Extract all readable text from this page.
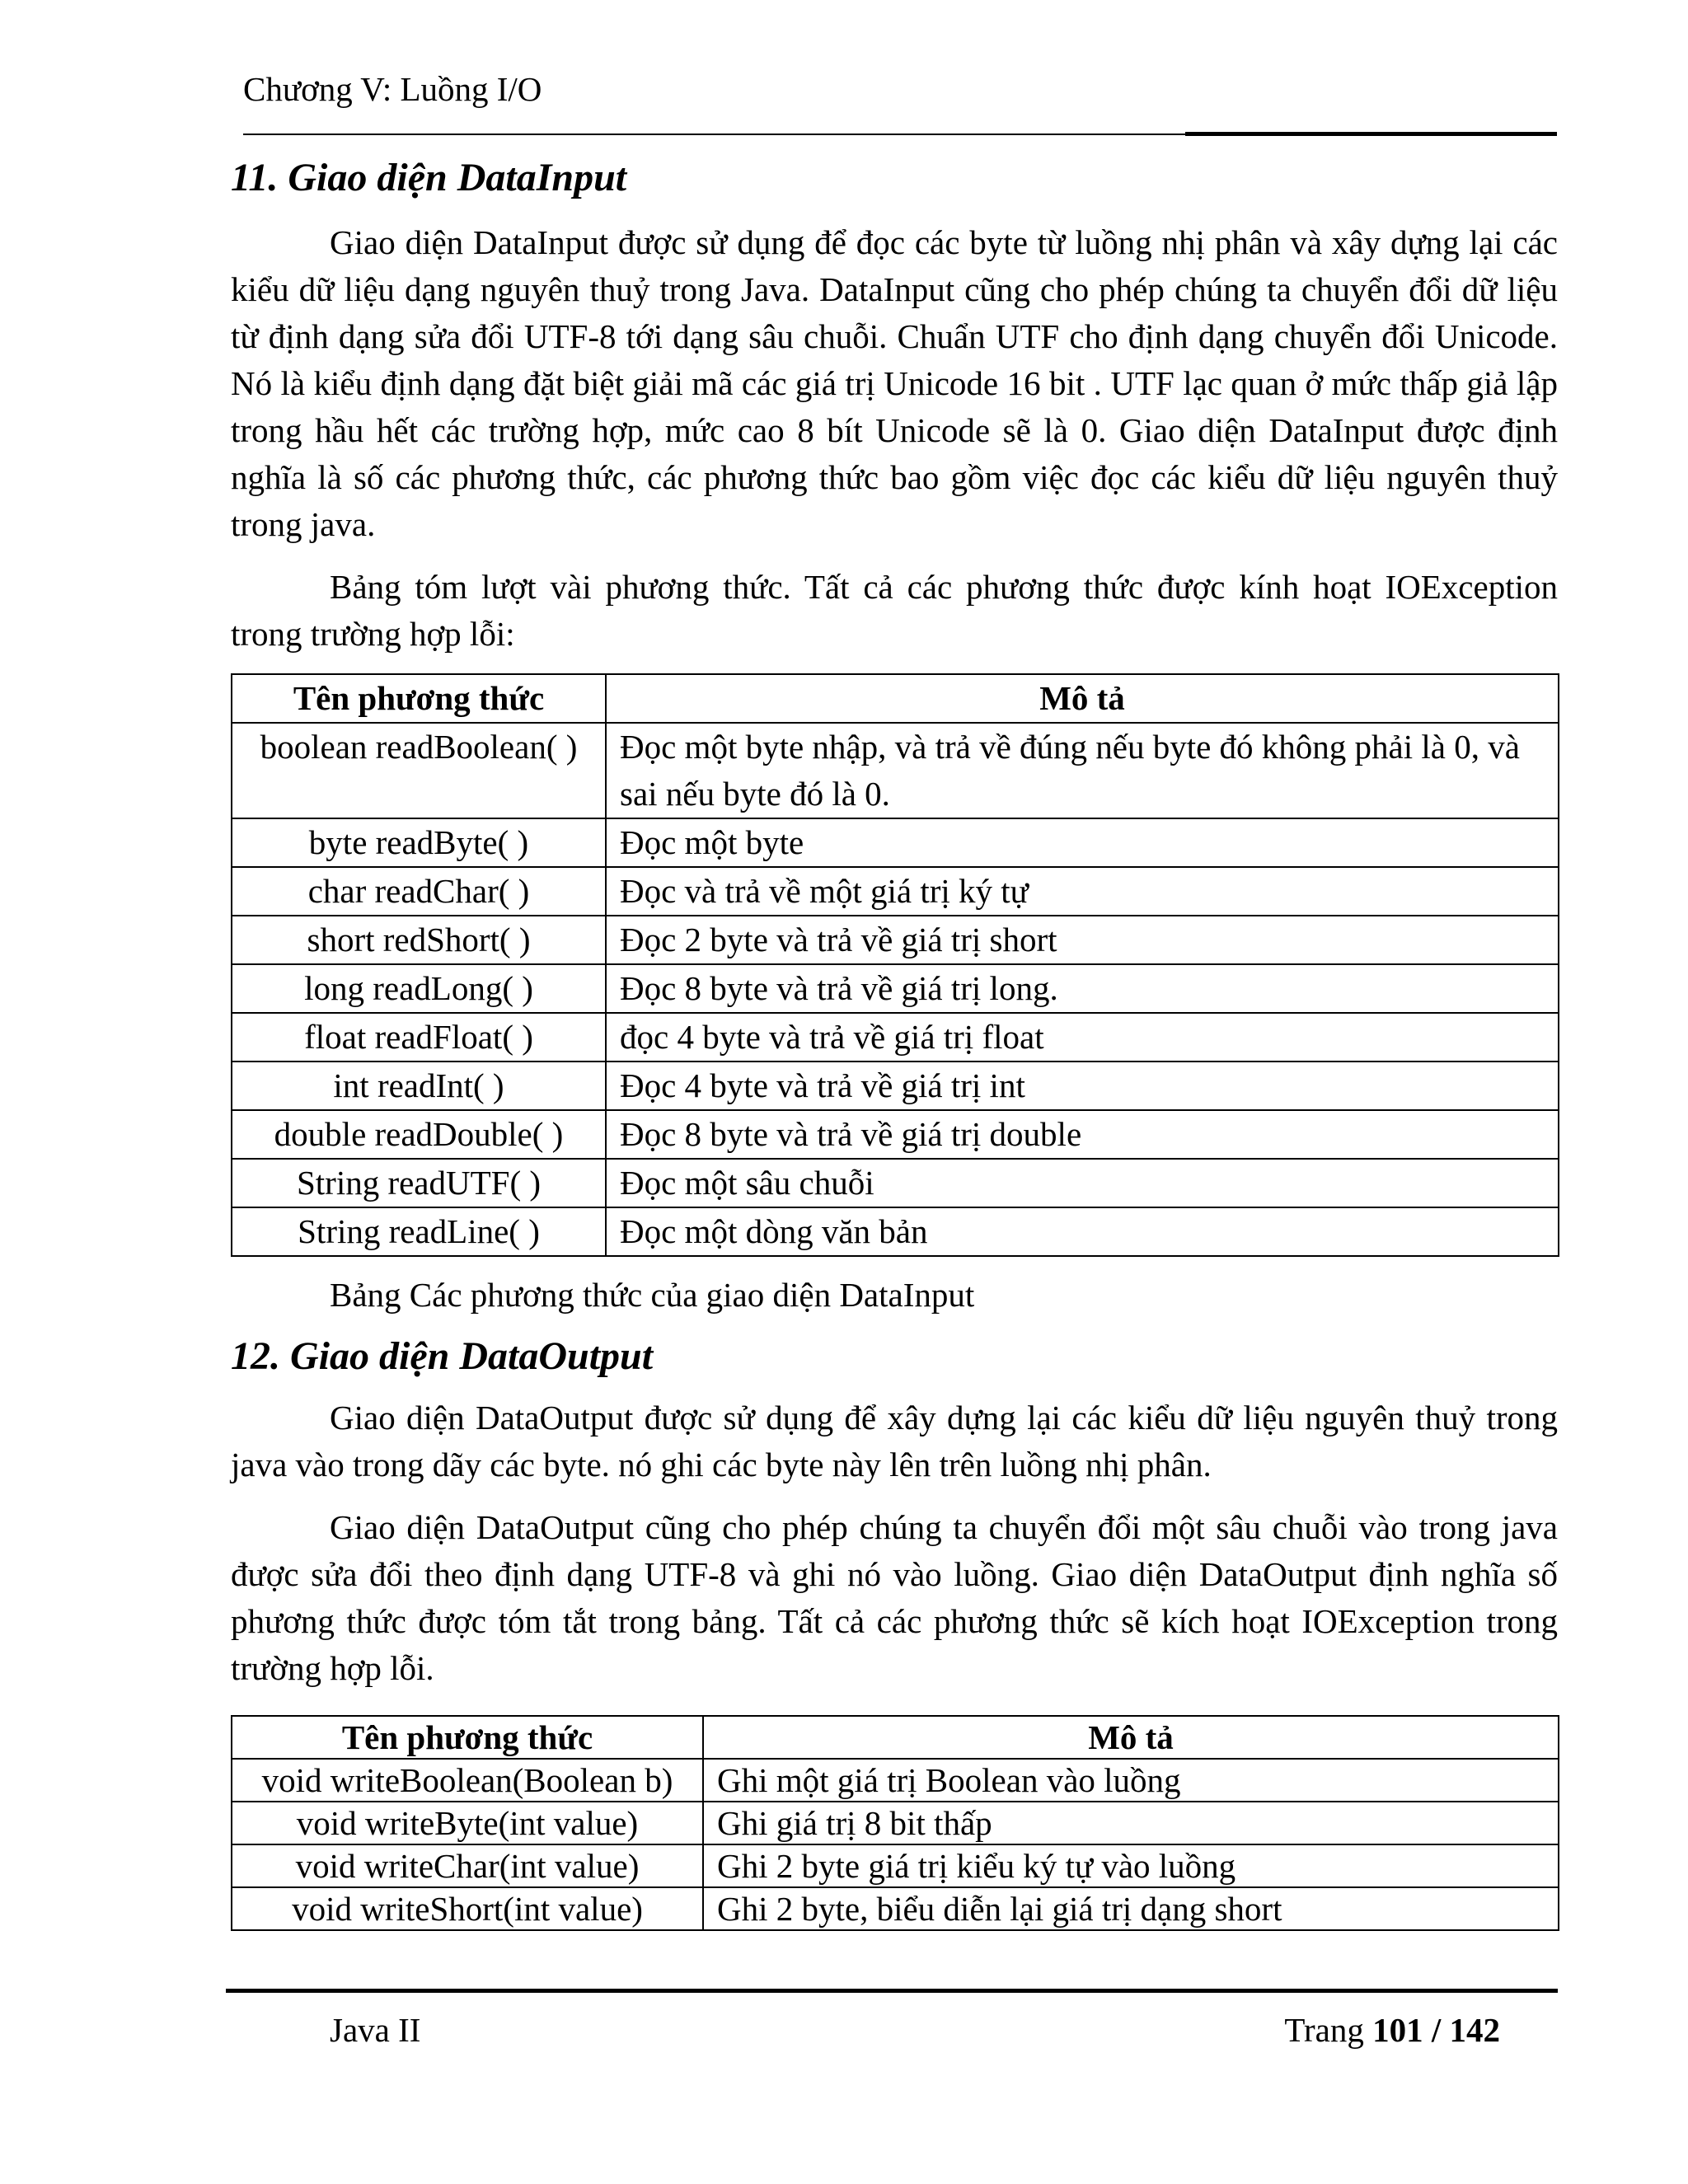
Chương V: Luồng I/O
11. Giao diện DataInput

Giao diện DataInput được sử dụng để đọc các byte từ luồng nhị phân và xây dựng lại các kiểu dữ liệu dạng nguyên thuỷ trong Java. DataInput cũng cho phép chúng ta chuyển đổi dữ liệu từ định dạng sửa đổi UTF-8 tới dạng sâu chuỗi. Chuẩn UTF cho định dạng chuyển đổi Unicode. Nó là kiểu định dạng đặt biệt giải mã các giá trị Unicode 16 bit . UTF lạc quan ở mức thấp giả lập trong hầu hết các trường hợp, mức cao 8 bít Unicode sẽ là 0. Giao diện DataInput được định nghĩa là số các phương thức, các phương thức bao gồm việc đọc các kiểu dữ liệu nguyên thuỷ trong java.

Bảng tóm lượt vài phương thức. Tất cả các phương thức được kính hoạt IOException trong trường hợp lỗi:

Tên phương thức	Mô tả
boolean readBoolean( )	Đọc một byte nhập, và trả về đúng nếu byte đó không phải là 0, và sai nếu byte đó là 0.
byte readByte( )	Đọc một byte
char readChar( )	Đọc và trả về một giá trị ký tự
short redShort( )	Đọc 2 byte và trả về giá trị short
long readLong( )	Đọc 8 byte và trả về giá trị long.
float readFloat( )	đọc 4 byte và trả về giá trị float
int readInt( )	Đọc 4 byte và trả về giá trị int
double readDouble( )	Đọc 8 byte và trả về giá trị double
String readUTF( )	Đọc một sâu chuỗi
String readLine( )	Đọc một dòng văn bản
Bảng Các phương thức của giao diện DataInput
12. Giao diện DataOutput

Giao diện DataOutput được sử dụng để xây dựng lại các kiểu dữ liệu nguyên thuỷ trong java vào trong dãy các byte. nó ghi các byte này lên trên luồng nhị phân.

Giao diện DataOutput cũng cho phép chúng ta chuyển đổi một sâu chuỗi vào trong java được sửa đổi theo định dạng UTF-8 và ghi nó vào luồng. Giao diện DataOutput định nghĩa số phương thức được tóm tắt trong bảng. Tất cả các phương thức sẽ kích hoạt IOException trong trường hợp lỗi.

Tên phương thức	Mô tả
void writeBoolean(Boolean b)	Ghi một giá trị Boolean vào luồng
void writeByte(int value)	Ghi giá trị 8 bit thấp
void writeChar(int value)	Ghi 2 byte giá trị kiểu ký tự vào luồng
void writeShort(int value)	Ghi 2 byte, biểu diễn lại giá trị dạng short
Java II	Trang 101 / 142
